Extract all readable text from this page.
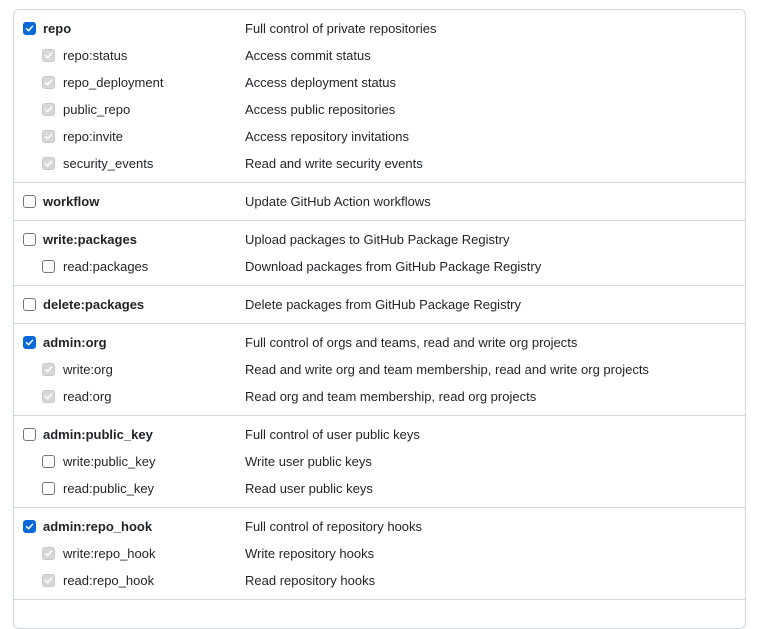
repo	Full control of private repositories
repo:status	Access commit status
repo_deployment	Access deployment status
public_repo	Access public repositories
repo:invite	Access repository invitations
security_events	Read and write security events
workflow	Update GitHub Action workflows
write:packages	Upload packages to GitHub Package Registry
read:packages	Download packages from GitHub Package Registry
delete:packages	Delete packages from GitHub Package Registry
admin:org	Full control of orgs and teams, read and write org projects
write:org	Read and write org and team membership, read and write org projects
read:org	Read org and team membership, read org projects
admin:public_key	Full control of user public keys
write:public_key	Write user public keys
read:public_key	Read user public keys
admin:repo_hook	Full control of repository hooks
write:repo_hook	Write repository hooks
read:repo_hook	Read repository hooks
